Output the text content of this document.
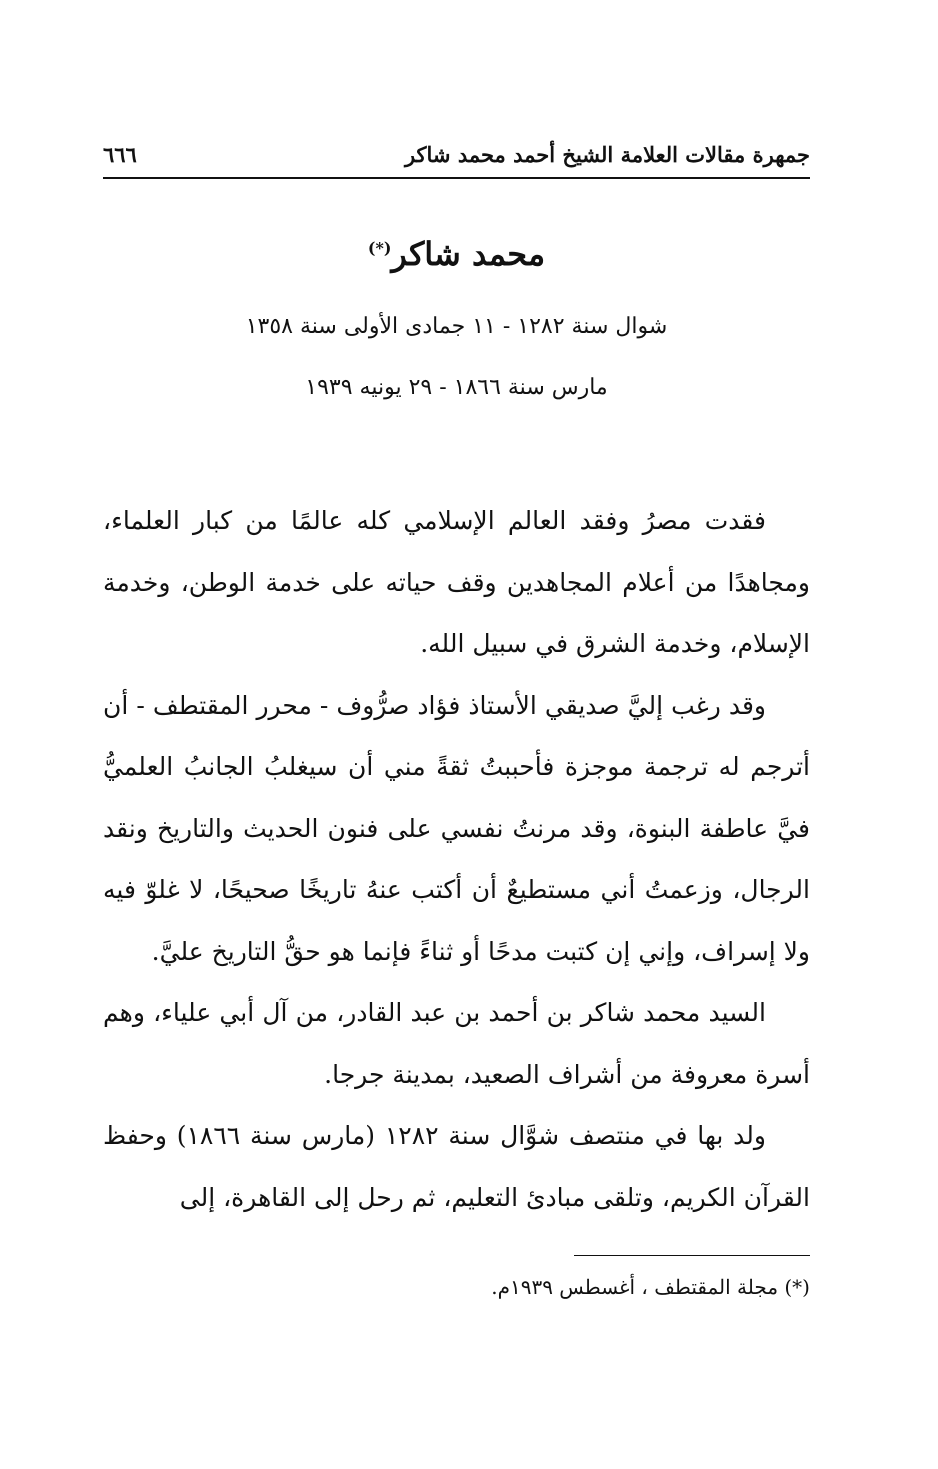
جمهرة مقالات العلامة الشيخ أحمد محمد شاكر
٦٦٦
محمد شاكر(*)
شوال سنة ١٢٨٢ - ١١ جمادى الأولى سنة ١٣٥٨
مارس سنة ١٨٦٦ - ٢٩ يونيه ١٩٣٩

فقدت مصرُ وفقد العالم الإسلامي كله عالمًا من كبار العلماء، ومجاهدًا من أعلام المجاهدين وقف حياته على خدمة الوطن، وخدمة الإسلام، وخدمة الشرق في سبيل الله.

وقد رغب إليَّ صديقي الأستاذ فؤاد صرُّوف - محرر المقتطف - أن أترجم له ترجمة موجزة فأحببتُ ثقةً مني أن سيغلبُ الجانبُ العلميُّ فيَّ عاطفة البنوة، وقد مرنتُ نفسي على فنون الحديث والتاريخ ونقد الرجال، وزعمتُ أني مستطيعٌ أن أكتب عنهُ تاريخًا صحيحًا، لا غلوّ فيه ولا إسراف، وإني إن كتبت مدحًا أو ثناءً فإنما هو حقُّ التاريخ عليَّ.

السيد محمد شاكر بن أحمد بن عبد القادر، من آل أبي علياء، وهم أسرة معروفة من أشراف الصعيد، بمدينة جرجا.

ولد بها في منتصف شوَّال سنة ١٢٨٢ (مارس سنة ١٨٦٦) وحفظ القرآن الكريم، وتلقى مبادئ التعليم، ثم رحل إلى القاهرة، إلى

(*) مجلة المقتطف ، أغسطس ١٩٣٩م.
